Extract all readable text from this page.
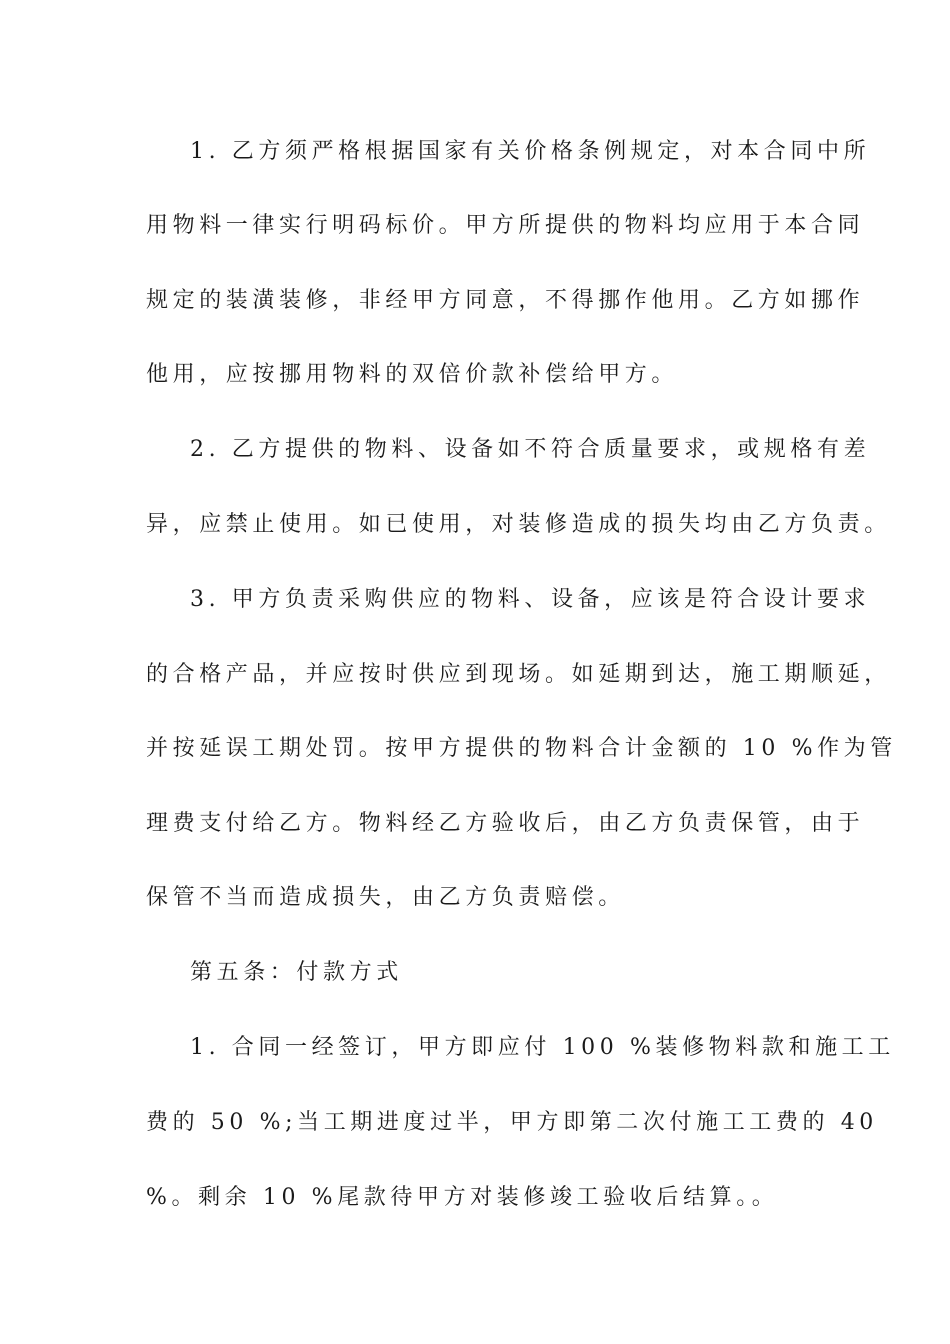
1. 乙方须严格根据国家有关价格条例规定，对本合同中所
用物料一律实行明码标价。甲方所提供的物料均应用于本合同
规定的装潢装修，非经甲方同意，不得挪作他用。乙方如挪作
他用，应按挪用物料的双倍价款补偿给甲方。
2. 乙方提供的物料、设备如不符合质量要求，或规格有差
异，应禁止使用。如已使用，对装修造成的损失均由乙方负责。
3. 甲方负责采购供应的物料、设备，应该是符合设计要求
的合格产品，并应按时供应到现场。如延期到达，施工期顺延，
并按延误工期处罚。按甲方提供的物料合计金额的 10 %作为管
理费支付给乙方。物料经乙方验收后，由乙方负责保管，由于
保管不当而造成损失，由乙方负责赔偿。
第五条：付款方式
1. 合同一经签订，甲方即应付 100 %装修物料款和施工工
费的 50 %;当工期进度过半，甲方即第二次付施工工费的 40
%。剩余 10 %尾款待甲方对装修竣工验收后结算。。
